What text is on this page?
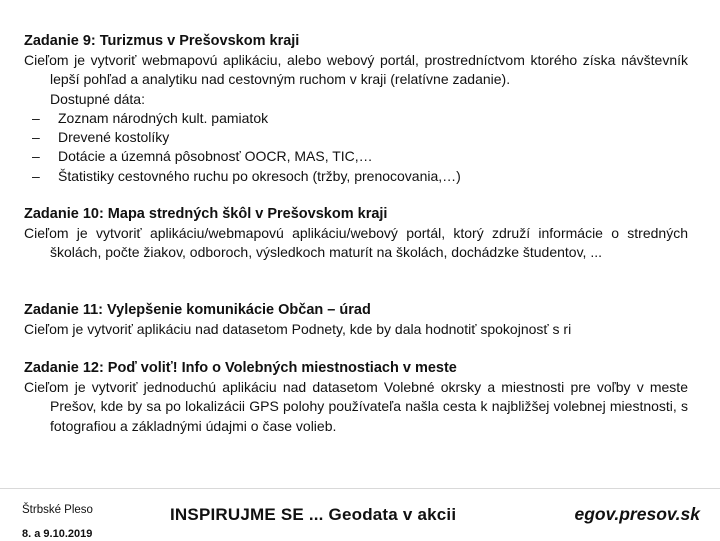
Zadanie 9: Turizmus v Prešovskom kraji

Cieľom je vytvoriť webmapovú aplikáciu, alebo webový portál, prostredníctvom ktorého získa návštevník lepší pohľad a analytiku nad cestovným ruchom v kraji (relatívne zadanie).

Dostupné dáta:
– Zoznam národných kult. pamiatok
– Drevené kostolíky
– Dotácie a územná pôsobnosť OOCR, MAS, TIC,…
– Štatistiky cestovného ruchu po okresoch (tržby, prenocovania,…)

Zadanie 10: Mapa stredných škôl v Prešovskom kraji

Cieľom je vytvoriť aplikáciu/webmapovú aplikáciu/webový portál, ktorý združí informácie o stredných školách, počte žiakov, odboroch, výsledkoch maturít na školách, dochádzke študentov, ...

Zadanie 11: Vylepšenie komunikácie Občan – úrad

Cieľom je vytvoriť aplikáciu nad datasetom Podnety, kde by dala hodnotiť spokojnosť s ri

Zadanie 12: Poď voliť! Info o Volebných miestnostiach v meste

Cieľom je vytvoriť jednoduchú aplikáciu nad datasetom Volebné okrsky a miestnosti pre voľby v meste Prešov, kde by sa po lokalizácii GPS polohy používateľa našla cesta k najbližšej volebnej miestnosti, s fotografiou a základnými údajmi o čase volieb.

Štrbské Pleso
8. a 9.10.2019
INSPIRUJME SE ... Geodata v akcii	egov.presov.sk
